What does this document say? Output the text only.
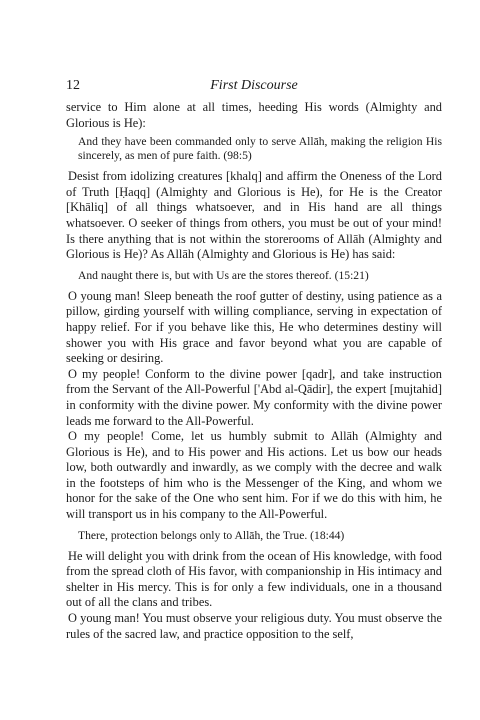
12	First Discourse

service to Him alone at all times, heeding His words (Almighty and Glorious is He):

And they have been commanded only to serve Allāh, making the religion His sincerely, as men of pure faith. (98:5)

Desist from idolizing creatures [khalq] and affirm the Oneness of the Lord of Truth [Ḥaqq] (Almighty and Glorious is He), for He is the Creator [Khāliq] of all things whatsoever, and in His hand are all things whatsoever. O seeker of things from others, you must be out of your mind! Is there anything that is not within the storerooms of Allāh (Almighty and Glorious is He)? As Allāh (Almighty and Glorious is He) has said:

And naught there is, but with Us are the stores thereof. (15:21)

O young man! Sleep beneath the roof gutter of destiny, using patience as a pillow, girding yourself with willing compliance, serving in expectation of happy relief. For if you behave like this, He who determines destiny will shower you with His grace and favor beyond what you are capable of seeking or desiring.

O my people! Conform to the divine power [qadr], and take instruction from the Servant of the All-Powerful ['Abd al-Qādir], the expert [mujtahid] in conformity with the divine power. My conformity with the divine power leads me forward to the All-Powerful.

O my people! Come, let us humbly submit to Allāh (Almighty and Glorious is He), and to His power and His actions. Let us bow our heads low, both outwardly and inwardly, as we comply with the decree and walk in the footsteps of him who is the Messenger of the King, and whom we honor for the sake of the One who sent him. For if we do this with him, he will transport us in his company to the All-Powerful.

There, protection belongs only to Allāh, the True. (18:44)

He will delight you with drink from the ocean of His knowledge, with food from the spread cloth of His favor, with companionship in His intimacy and shelter in His mercy. This is for only a few individuals, one in a thousand out of all the clans and tribes.

O young man! You must observe your religious duty. You must observe the rules of the sacred law, and practice opposition to the self,
